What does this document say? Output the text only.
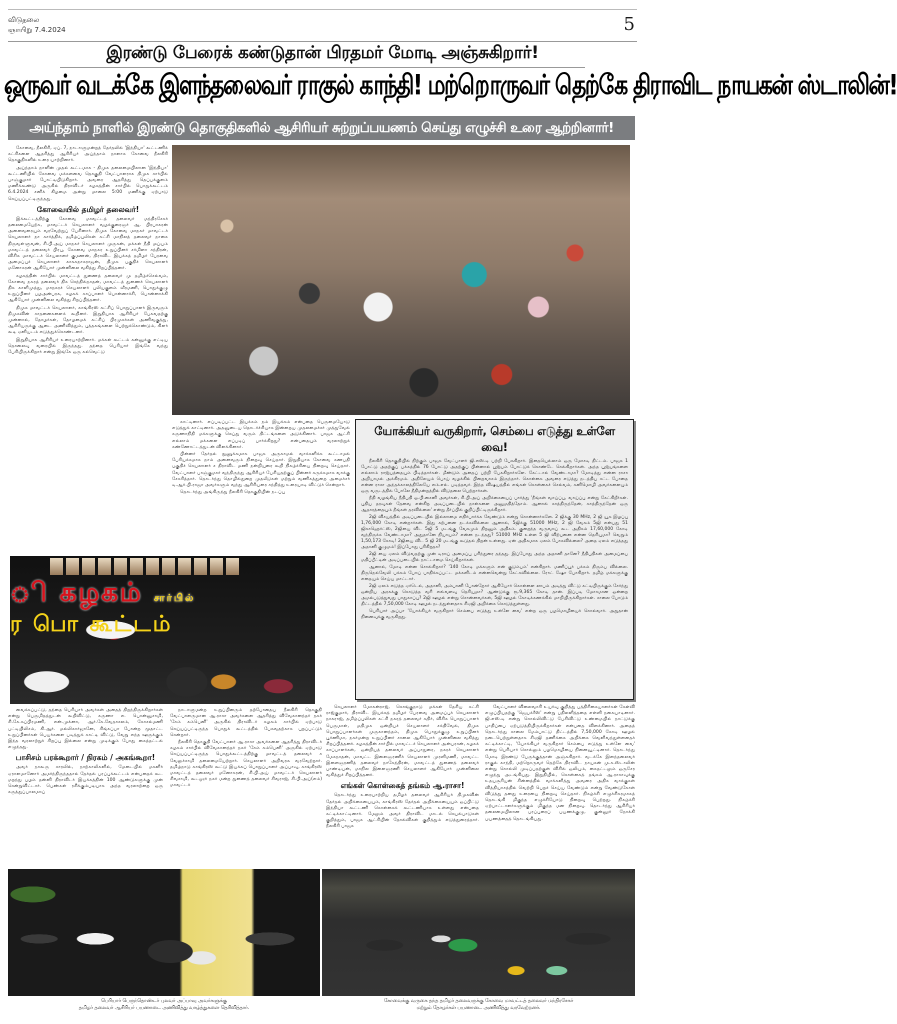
விடுதலை
ஞாயிறு 7.4.2024	5
இரண்டு பேரைக் கண்டுதான் பிரதமர் மோடி அஞ்சுகிறார்!
ஒருவர் வடக்கே இளந்தலைவர் ராகுல் காந்தி! மற்றொருவர் தெற்கே திராவிட நாயகன் ஸ்டாலின்!
அய்ந்தாம் நாளில் இரண்டு தொகுதிகளில் ஆசிரியர் சுற்றுப்பயணம் செய்து எழுச்சி உரை ஆற்றினார்!

கோவை, நீலகிரி, ஏப். 7, நாடாளுமன்றத் தேர்தலில் 'இந்தியா' கூட்டணிக் கட்சிகளை ஆதரித்து ஆசிரியர் அய்ந்தாம் நாளாக கோவை நீலகிரி தொகுதிகளில் உரை யாற்றினார்.

அய்ந்தாம் நாளின் முதல் கூட்டமாக - திமுக தலைமையிலான 'இந்தியா' கூட்டணியில் கோவை மக்களவை தொகுதி வேட்பாளராக திமுக சார்பில் பாஞ்குமார் போட்டியிடுகிறார். அவரை ஆதரித்து தெப்பக்குளம் மணிக்கூண்டு அருகில் திராவிடர் கழகத்தின் சார்பில் பொதுக்கூட்டம் 6.4.2024 சனிக் கிழமை அன்று மாலை 5:00 மணிக்கு ஏற்பாடு செய்யப்பட்டிருந்தது.

கோவையில் தமிழர் தலைவர்!

இக்கூட்டத்திற்கு கோவை மாவட்டத் தலைவர் மந்திரசேகர் தலைமையேற்க, மாவட்டச் செயலாளர் வழக்குரைஞர் ஆ. பிரபாகரன் அனைவரையும் வரவேற்றுப் பேசினார். திமுக கோவை மாநகர் மாவட்டச் செயலாளர் நா கார்த்திக், தமிழ்ப்புலிகள் கட்சி மாநிலத் தலைவர் நாகை திருவள்ளுவன், சி.பி.அய் மாநகர் செயலாளர் முருகன், மக்கள் நீதி மய்யம் மாவட்டத் தலைவர் பிரபு, கோவை மாநகர உறுப்பினர் சர்மிளா சந்திரன், விசிக மாவட்டச் செயலாளர் குமணன், திராவிட இயக்கத் தமிழர் பேரவை அமைப்புச் செயலாளர் காசுகநாகராஜன், திமுக பகுதிச் செயலாளர் மனோகரன் ஆகியோர் முன்னிலை வகித்து சிறப்பித்தனர்.

கழகத்தின் சார்பில் மாவட்டத் துணைத் தலைவர் மு தமிழ்ச்செல்வம், கோவை நகரத் தலைவர் திக செந்தில்நாதன், மாவட்டத் துணைச் செயலாளர் திக காளிமுத்து, மாநகரச் செயலாளர் புலியகுளம் வீரமணி, பொதுக்குழு உறுப்பினர் பழஅன்பரசு, கழகக் காப்பாளர் பொன்னாச்சி, பொன்னாக்கி ஆகியோர் முன்னிலை வகித்து சிறப்பித்தனர்.

திமுக மாவட்டச் செயலாளர், காங்கிரஸ் கட்சிப் பொறுப்பாளர் இருவரும் திமுகவின் சாதனைகளைக் கூறினர். இறுதியாக ஆசிரியர் பேசுவதற்கு முன்னால், தோழர்கள், தோழமைக் கட்சிப் பிரமுகர்கள் அணிவகுத்து, ஆசிரியருக்கு ஆடை அணிவித்தும், புத்தகங்களை பெற்றுக்கொண்டும், கிளர் கூடி ஏனியடம் எடுத்துக்கொண்டனர்.

இறுதியாக ஆசிரியர் உரையாற்றினார். மக்கள் கூட்டம் கன்னுக்கு எட்டிய தொலைவு வரையில் இருந்தது. தந்தை பெரியார் இங்கே வந்து பேசியிருக்கிறார் என்று இங்கே ஒரு கல்வெட்டு

காட்டினார். எப்படிப்பட்ட இயக்கம் நம் இயக்கம் என்பதை பெருமையோடு எடுத்துக் காட்டினார். அதனுடைய தொடர்ச்சியாக இன்றைய முதலமைச்சர் முத்துவேல் கருணாநிதி மக்களுக்கு செய்து வரும் திட்டங்களை அடுக்கினார். பாஜக ஆட்சி எல்லாம் மக்களை எப்படிப் பார்க்கிறது? என்பதையும் வரலாற்றுக் கண்ணோட்டத்துடன் விளக்கினார்.

பின்னர் தேர்தல் நுணுக்கமாக பாஜக அருகாமல் வாக்களிக்க கூட்டாமல் பேரியக்கமாக நாம் அனைவரும் நிறைவு செய்தார். இறுதியாக கோவை கணபதி பகுதிச் செயலாளர் ச திராவிட மணி நன்றியுரை கூறி நிகழ்ச்சியை நிறைவு செய்தார். வேட்பாளர் பாஞ்குமார் வந்திருந்து ஆசிரியர் பேசியதற்குப் பின்னர் கருக்கமாக வாக்கு சேகரித்தார். தொடர்ந்து தொழில்துறை முதலீடுகள் மற்றும் வணிகத்துறை அமைச்சர் டி.ஆர்.பி.ராஜா அவர்களும் வந்து ஆசிரியரை சந்தித்து உரையாடி விட்டுச் சென்றார்.

தொடர்ந்து அங்கிருந்து நீலகிரி தொகுதியின் நடப்பு

யோக்கியர் வருகிறார், செம்பை எடுத்து உள்ளே வை!

நீலகிரி தொகுதியில் நிற்கும் பாஜக வேட்பாளர் ஜி.எஸ்.டி பற்றி பேசுகிறார். இதையெல்லாம் ஒரு மோசடி திட்டம். பாஜக 1 போட்டு அதற்குப் பக்கத்தில் 76 போட்டு அதற்குப் பின்னால் பூஜ்யம் போட்டுக் கொண்டே செல்கிறார்கள். அந்த பூஜ்யங்களை எல்லாம் ராஜ்யத்தையும் பிடித்தார்கள். மீண்டும் அதைப் பற்றி பேசுகிறார்களே. கேட்டால் வேண்டாமா? மோடித்து என்ன ராசா அறியாமல் அக்கிரமம். அதிலேயும் பொய் வழக்கில் பிறைவாசம் இருந்தார். கொள்கை அவரை எடுத்து நடத்திய சட்ட போதை என்ன ராசா அந்தக்காலத்திலேயே எம்.எல். படித்தவர். இந்த விஷயத்தில் எங்கள் கொள்கைச் செல்வம், கனிமொழி அவர்களையும் ஒரு வருடத்தில் போலே நீதிமன்றத்தில் விடுதலை பெற்றார்கள்.

நீதி வழங்கிய நீதிபதி ஓ.பி.சைனி அவர்கள், சி.பி.அய் அறிக்கையைப் பார்த்து 'நீங்கள் வாய்ப்பு, வாய்ப்பு என்று கேட்கிறீர்கள். புதிய தரவுகள் தேவை என்கிற அடிப்படையில் நாள்களை அனுமதித்தோம். ஆனால் காத்திருந்தேன், காத்திருந்தேன் ஒரு ஆதாரத்தையும் நீங்கள் தரவில்லை' என்று தீர்ப்பில் குறிப்பிட்டிருக்கிறார்.

2ஜி விசயத்தில் அடிப்படையில் இல்லாமை எதிர்பார்க்க வேண்டும் என்று சொன்னார்களே. 2 ஜிக்கு 30 MHz, 2 ஜி யூக இழப்பு 1,76,000 கோடி என்றார்கள். இது கற்பனை நடக்கவில்லை ஆனால், 5ஜிக்கு 51000 MHz, 2 ஜி வேகம் 5ஜி என்பது 51 ஜிகாஹெர்ட்ஸ், 2ஜியை விட 5ஜி 5 மடங்கு வேகமும் திறனும் அதிகம். குறைந்த வருவாய் கூட அதிகம் 17,60,000 கோடி வந்திருக்க வேண்டாமா? அதுதானே நியாயம்? என்ன நடந்தது? 51000 MHz உள்ள 5 ஜி விற்பனை என்ன தெரியுமா? வெறும் 1,50,173 கோடி! 2ஜியை விட 5 ஜி 20 மடங்கு கூடுதல் திறன் உள்ளது. ஏன் அதிகமாக ஏலம் போகவில்லை? அதை ஏலம் எடுத்தது அதானி குழுமம்! இப்போது புரிகிறதா?

2ஜி யை ஏலம் விடுவதற்கு முன் டிராய் அமைப்பு பரிந்துரை தந்தது. இப்போது அந்த அதானி தானே? நீதிபதிகள் அமைப்பை மதிப்பீட்டின் அடிப்படையில் நாட்டாமை செய்கிறார்கள்.

ஆனால், மோடி என்ன சொல்கிறார்? '140 கோடி மக்களும் என் குடும்பம்' என்கிறார். மணிப்பூர் பக்கம் திரும்ப வில்லை. திருநெல்வேலி பக்கம் போய் பாதிக்கப்பட்ட மக்களிடம் என்னவென்று கேட்கவில்லை. ரோட் ஷோ போகிறார். தமிழ் மக்களுக்கு எதையும் செய்ய மாட்டார்.

2ஜி ஏலம் எடுத்த ஏர்டெல், அதானி, அம்பானி போன்றோர் ஆகியோர் கொள்ளை லாபம் அடித்து விட்டு கட்டியிருக்கும் சேர்ந்து ஒன்றிய அரசுக்கு கொடுத்த வரி எவ்வளவு தெரியுமா? ஆண்டுக்கு ரூ.9,365 கோடி தான். இப்படி மோசமான ஒன்றை அமல்படுத்துவது பாதுகாப்பு? 2ஜி ஊழல் என்று சொன்னவர்கள், 5ஜி ஊழல் கோடிக்கணக்கில் மாறியிருக்கிறார்கள். சாலை போடும் திட்டத்தில் 7,50,000 கோடி ஊழல் நடந்துள்ளதாக சிஏஜி அறிக்கை கொடுத்துள்ளது.

பெரியார் அப்பா 'யோக்கியர் வருகிறார் செம்பை எடுத்து உள்ளே வை' என்ற ஒரு பழமொழியைச் சொல்வார். அதுதான் நினைவுக்கு வருகிறது.

ி கழகம் சார்பில்
ர பொ கூட்டம்

வைக்கப்பட்டு, தந்தை பெரியார் அவர்கள் அதைத் திறந்திருக்கிறார்கள் என்று பெருமிதத்துடன் கூறிவிட்டு, கருணா எ. பொன்னுசாமி, சி.கே.சுப்பிரமணி, என்.முக்னா, ஆர்.கே.வேதாசலம், கோசல்மணி பட்டியிலிசம், கி.ஆர். மல்லிகார்ஜுனே, சிங்கப்பா போன்ற மூதாட்ட உறுப்பினர்கள் பெயர்களை படித்துக் காட்டி விட்டு, வேறு எந்த ஊருக்கும் இந்த வரலாற்றுச் சிறப்பு இல்லை என்று முடிக்கும் போது கைத்தட்டல் எழுந்தது.

பாசிசம் பரக்கூறார் / நிரகம் / அகங்கூறா!

அவர் நாகூரு சாரலில், நாற்காலிகளில், மேடையில் மகளிர் ஏராளமானோர் அமர்ந்திருந்ததால் தேர்தல் பரப்புக்கூட்டம் என்பதைக் கூட மறந்து பழம் தன்னி திராவிடர் இயக்கத்தின் 100 ஆண்டுகளுக்கு முன் சென்றுவிட்டார். பெண்கள் ரசிக்கும்படியாக அந்த வரலாற்றை ஒரு கருத்துப்பாலமாய்

நாடாளுமன்ற உறுப்பினரும் தற்போதைய நீலகிரி தொகுதி வேட்பாளருமான ஆ.ராசா அவர்களை ஆதரித்து விவேகானந்தர் நகர் 'சேம் கம்பெனி' அருகில் திராவிடர் கழகம் சார்பில் ஏற்பாடு செய்யப்பட்டிருந்த பொதுக் கூட்டத்தில் பேசுவதற்காக புறப்பட்டுச் சென்றார்.

நீலகிரி தொகுதி வேட்பாளர் ஆ.ராசா அவர்களை ஆதரித்து திராவிடர் கழகம் சார்பில் விவேகானந்தர் நகர் 'சேம் கம்பெனி' அருகில் ஏற்பாடு செய்யப்பட்டிருந்த பொதுக்கூட்டத்திற்கு மாவட்டத் தலைவர் ச வேலுச்சாமி தலைமையேற்றார். செயலாளர் அறிவரசு வரவேற்றார். தமிழ்நாடு காங்கிரஸ் கூட்டு இயக்கப் பொறுப்பாளர் அப்பாவு, காங்கிரஸ் மாவட்டத் தலைவர் மனோகரன், சி.பி.அய் மாவட்டச் செயலாளர் சிவசாமி, கூடலூர் நகர் மன்ற துணைத் தலைவர் சிவராஜ், சி.பி.அய்(எம்) மாவட்டச்

செயலாளர் மோகன்ராஜ், கொங்குநாடு மக்கள் தேசிய கட்சி ராஜ்குமார், திராவிட இயக்கத் தமிழர் பேரவை அமைப்புச் செயலாளர் நாகராஜ், தமிழ்ப்புலிகள் கட்சி நகரத் தலைவர் கதிர், விசிக பொறுப்பாளர் பெருமாள், மதிமுக ஒன்றியச் செயலாளர் சக்திவேல், திமுக பொறுப்பாளர்கள் முருகானந்தம், திமுக பொதுக்குழு உறுப்பினர் பூர்ணிமா, நகர்மன்ற உறுப்பினர் சாலை ஆகியோர் முன்னிலை வகித்து சிறப்பித்தனர். கழகத்தின் சார்பில் மாவட்டச் செயலாளர் அன்பரசன், கழகக் காப்பாளர்கள், ஒன்றியத் தலைவர் அப்பாதுரை, நகரச் செயலாளர் மேகநாதன், மாவட்ட இளைஞரணிச் செயலாளர் முரளிமணி, மாவட்ட இளைஞரணித் தலைவர் நாகேந்திரன், மாவட்டத் துணைத் தலைவர் பாண்டியன், மாநில இளைஞரணி செயலாளர் ஆகியோர் முன்னிலை வகித்துச் சிறப்பித்தனர்.

எங்கள் கொள்கைத் தங்கம் ஆ.ராசா!

தொடர்ந்து உரையாற்றிய தமிழர் தலைவர் ஆசிரியர் திமுகவின் தேர்தல் அறிக்கையையும், காங்கிரஸ் தேர்தல் அறிக்கையையும் ஒப்பிட்டு இந்தியா கூட்டணி கொள்கைக் கூட்டணியாக உள்ளது என்பதை சுட்டிக்காட்டினார். மேலும் அவர் திராவிட மாடல் செயல்பாடுகள் குறித்தும், பாஜக ஆட்சியின் தோல்விகள் குறித்தும் எடுத்துரைத்தார். நீலகிரி பாஜக

வேட்பாளர் விலைவாசி உயர்வு குறித்து பத்திரிகையாளர்கள் கேள்வி எழுப்பியதற்கு 'ஜெயக்ரீஸ்' என்று பதிலளித்ததை எள்ளி நகையாடினார். ஜி.எஸ்.டி என்று சொல்லிவிட்டு பேசிவிட்டு உண்மையில் நாட்டுக்கு பாதிப்பை ஏற்படுத்தியிருக்கிறார்கள் என்பதை விளக்கினார். அதைத் தொடர்ந்து சாலை மேம்பாட்டு திட்டத்தில் 7,50,000 கோடி ஊழல் நடைபெற்றுள்ளதாக சிஏஜி தணிக்கை அறிக்கை வெளிவந்துள்ளதைச் சுட்டிக்காட்டி, 'யோக்கியர் வருகிறார் செம்பை எடுத்து உள்ளே வை' என்று பெரியார் சொல்லும் பழமொழியை நினைவூட்டினார். தொடர்ந்து மோடி இரண்டு பேருக்குத்தான் அஞ்சுகிறார். வடக்கே இளந்தலைவர் ராகுல் காந்தி, மற்றொருவர் தெற்கே திராவிட நாயகன் மு.க.ஸ்டாலின் என்று சொல்லி முடிப்பதற்குள் விசில் ஒலியும், கைதட்டலும் ஒருசேர எழுந்து அடங்கியது. இறுதியில், கொள்கைத் தங்கம் ஆ.ராசாவுக்கு உதயசூரியன் சின்னத்தில் வாக்களித்து அவரை அதிக வாக்குகள் வித்தியாசத்தில் வெற்றி பெறச் செய்ய வேண்டும் என்று வேண்டுகோள் விடுத்து தனது உரையை நிறைவு செய்தார். நிகழ்ச்சி எழுச்சிகரமாகத் தொடங்கி மிகுந்த எழுச்சியோடு நிறைவு பெற்றது. நிகழ்ச்சி ஏற்பாட்டாளர்களுக்கும் மிகுந்த மன நிறைவு. தொடர்ந்து ஆசிரியர் தலைமையிலான பரப்புரைப் பயணக்குழு, குன்னூர் நோக்கி பயணத்தைத் தொடங்கியது.

பெரியார் பெருந்தொண்டர் புலவர் அப்பாவு அவர்களுக்கு
தமிழர் தலைவர் ஆசிரியர் பயணாடை அணிவித்து வாழ்த்துகளை தெரிவித்தார்.
கோவைக்கு வருகை தந்த தமிழர் தலைவருக்கு கோவை மாவட்டத் தலைவர் மந்திரசேகர்
மற்றும் தோழர்கள் பயணாடை அணிவித்து வரவேற்றனர்.
